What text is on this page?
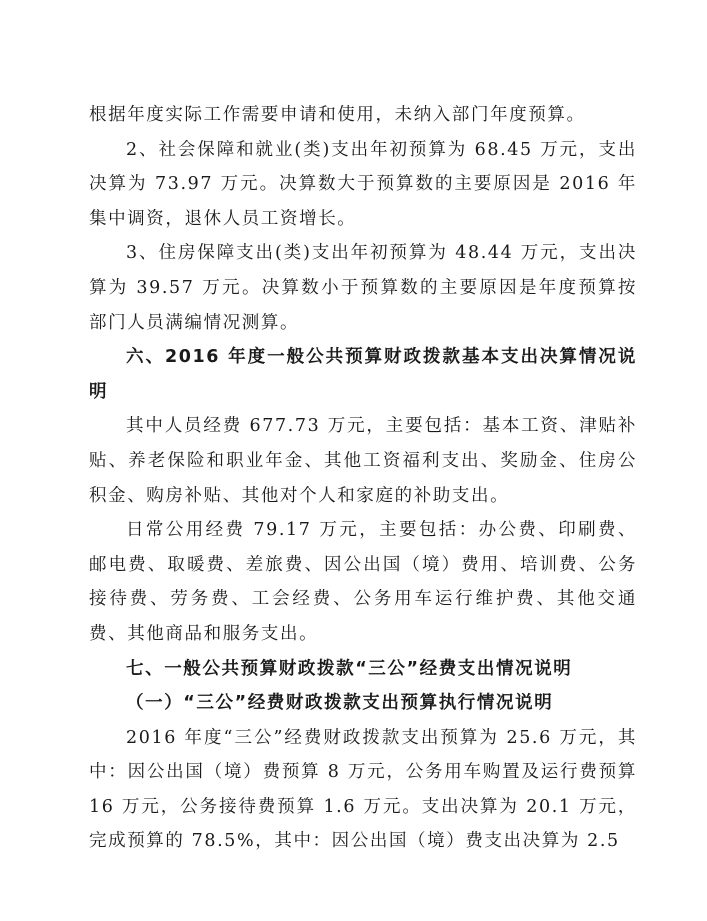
根据年度实际工作需要申请和使用，未纳入部门年度预算。

2、社会保障和就业(类)支出年初预算为 68.45 万元，支出决算为 73.97 万元。决算数大于预算数的主要原因是 2016 年集中调资，退休人员工资增长。

3、住房保障支出(类)支出年初预算为 48.44 万元，支出决算为 39.57 万元。决算数小于预算数的主要原因是年度预算按部门人员满编情况测算。

六、2016 年度一般公共预算财政拨款基本支出决算情况说明

其中人员经费 677.73 万元，主要包括：基本工资、津贴补贴、养老保险和职业年金、其他工资福利支出、奖励金、住房公积金、购房补贴、其他对个人和家庭的补助支出。

日常公用经费 79.17 万元，主要包括：办公费、印刷费、邮电费、取暖费、差旅费、因公出国（境）费用、培训费、公务接待费、劳务费、工会经费、公务用车运行维护费、其他交通费、其他商品和服务支出。

七、一般公共预算财政拨款“三公”经费支出情况说明

（一）“三公”经费财政拨款支出预算执行情况说明

2016 年度“三公”经费财政拨款支出预算为 25.6 万元，其中：因公出国（境）费预算 8 万元，公务用车购置及运行费预算 16 万元，公务接待费预算 1.6 万元。支出决算为 20.1 万元，完成预算的 78.5%，其中：因公出国（境）费支出决算为 2.5
